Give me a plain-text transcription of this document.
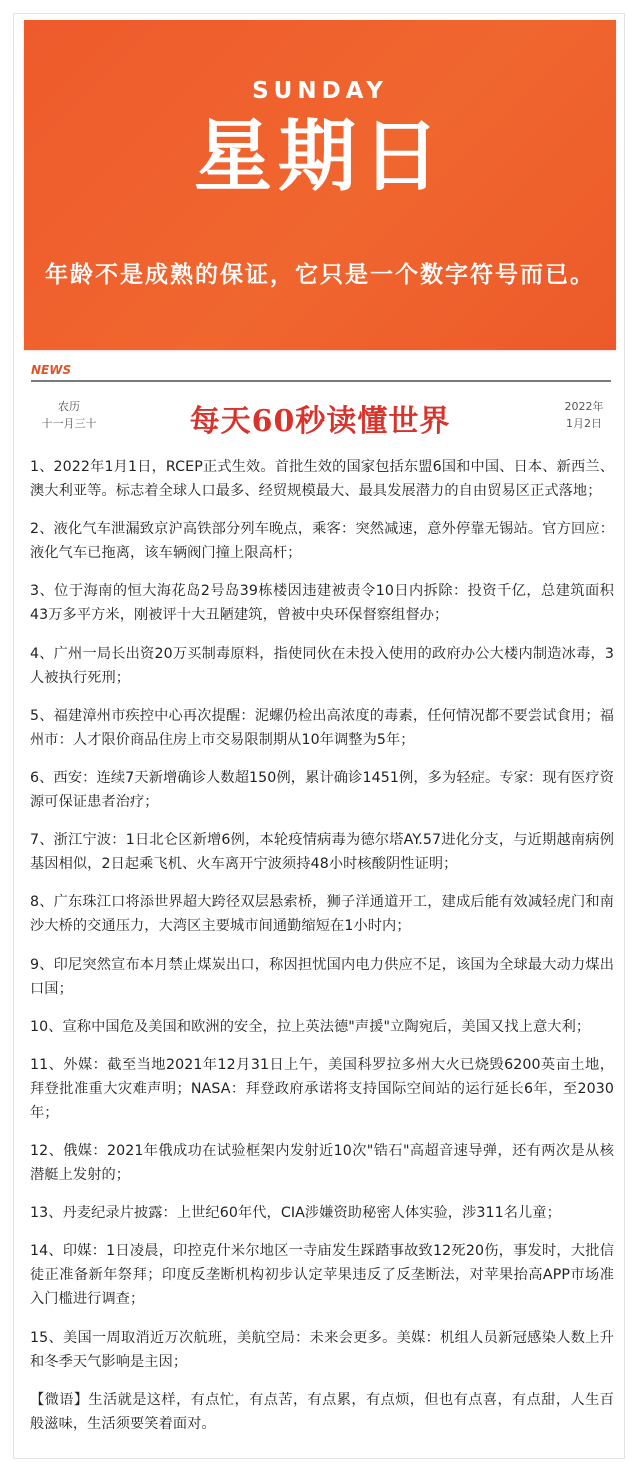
SUNDAY
星期日
年龄不是成熟的保证，它只是一个数字符号而已。
NEWS
农历
十一月三十	每天60秒读懂世界	2022年
1月2日

1、2022年1月1日，RCEP正式生效。首批生效的国家包括东盟6国和中国、日本、新西兰、澳大利亚等。标志着全球人口最多、经贸规模最大、最具发展潜力的自由贸易区正式落地；

2、液化气车泄漏致京沪高铁部分列车晚点，乘客：突然减速，意外停靠无锡站。官方回应：液化气车已拖离，该车辆阀门撞上限高杆；

3、位于海南的恒大海花岛2号岛39栋楼因违建被责令10日内拆除：投资千亿，总建筑面积43万多平方米，刚被评十大丑陋建筑，曾被中央环保督察组督办；

4、广州一局长出资20万买制毒原料，指使同伙在未投入使用的政府办公大楼内制造冰毒，3人被执行死刑；

5、福建漳州市疾控中心再次提醒：泥螺仍检出高浓度的毒素，任何情况都不要尝试食用；福州市：人才限价商品住房上市交易限制期从10年调整为5年；

6、西安：连续7天新增确诊人数超150例，累计确诊1451例，多为轻症。专家：现有医疗资源可保证患者治疗；

7、浙江宁波：1日北仑区新增6例，本轮疫情病毒为德尔塔AY.57进化分支，与近期越南病例基因相似，2日起乘飞机、火车离开宁波须持48小时核酸阴性证明；

8、广东珠江口将添世界超大跨径双层悬索桥，狮子洋通道开工，建成后能有效减轻虎门和南沙大桥的交通压力，大湾区主要城市间通勤缩短在1小时内；

9、印尼突然宣布本月禁止煤炭出口，称因担忧国内电力供应不足，该国为全球最大动力煤出口国；

10、宣称中国危及美国和欧洲的安全，拉上英法德"声援"立陶宛后，美国又找上意大利；

11、外媒：截至当地2021年12月31日上午，美国科罗拉多州大火已烧毁6200英亩土地，拜登批准重大灾难声明；NASA：拜登政府承诺将支持国际空间站的运行延长6年，至2030年；

12、俄媒：2021年俄成功在试验框架内发射近10次"锆石"高超音速导弹，还有两次是从核潜艇上发射的；

13、丹麦纪录片披露：上世纪60年代，CIA涉嫌资助秘密人体实验，涉311名儿童；

14、印媒：1日凌晨，印控克什米尔地区一寺庙发生踩踏事故致12死20伤，事发时，大批信徒正准备新年祭拜；印度反垄断机构初步认定苹果违反了反垄断法，对苹果抬高APP市场准入门槛进行调查；

15、美国一周取消近万次航班，美航空局：未来会更多。美媒：机组人员新冠感染人数上升和冬季天气影响是主因；

【微语】生活就是这样，有点忙，有点苦，有点累，有点烦，但也有点喜，有点甜，人生百般滋味，生活须要笑着面对。
